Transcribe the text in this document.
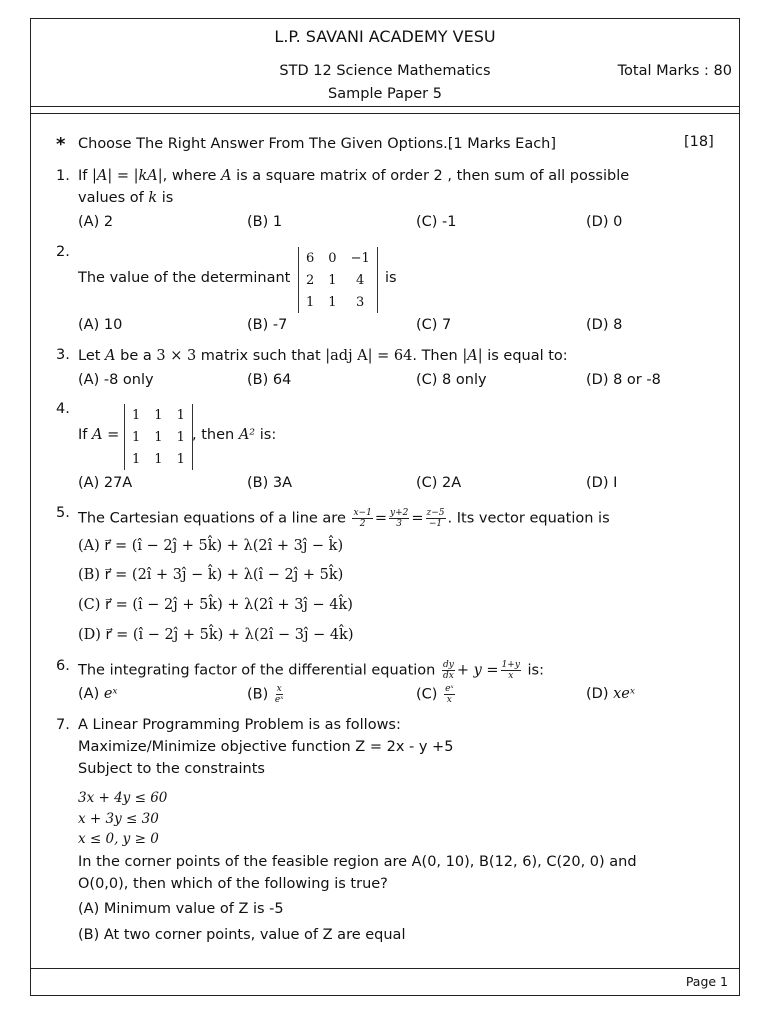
L.P. SAVANI ACADEMY VESU
STD 12 Science Mathematics
Sample Paper 5
Total Marks : 80
* Choose The Right Answer From The Given Options.[1 Marks Each]	[18]
1. If |A| = |kA|, where A is a square matrix of order 2 , then sum of all possible
values of k is
(A) 2	(B) 1	(C) -1	(D) 0
2.
The value of the determinant
6	0	−1
2	1	4
1	1	3
is
(A) 10	(B) -7	(C) 7	(D) 8
3. Let A be a 3 × 3 matrix such that |adj A| = 64. Then |A| is equal to:
(A) -8 only	(B) 64	(C) 8 only	(D) 8 or -8
4.
If A =
1	1	1
1	1	1
1	1	1
, then A² is:
(A) 27A	(B) 3A	(C) 2A	(D) I
5. The Cartesian equations of a line are $\frac{x-1}{2} = \frac{y+2}{3} = \frac{z-5}{-1}$ . Its vector equation is
(A) r⃗ = (î − 2ĵ + 5k̂) + λ(2î + 3ĵ − k̂)
(B) r⃗ = (2î + 3ĵ − k̂) + λ(î − 2ĵ + 5k̂)
(C) r⃗ = (î − 2ĵ + 5k̂) + λ(2î + 3ĵ − 4k̂)
(D) r⃗ = (î − 2ĵ + 5k̂) + λ(2î − 3ĵ − 4k̂)
6. The integrating factor of the differential equation $\frac{dy}{dx} + y = \frac{1+y}{x}$ is:
(A) eˣ	$(B) \frac{x}{\text{eˣ}}$	$(C) \frac{\text{eˣ}}{x}$	(D) xeˣ
7. A Linear Programming Problem is as follows:
Maximize/Minimize objective function Z = 2x - y +5
Subject to the constraints
3x + 4y ≤ 60
x + 3y ≤ 30
x ≤ 0, y ≥ 0
In the corner points of the feasible region are A(0, 10), B(12, 6), C(20, 0) and
O(0,0), then which of the following is true?
(A) Minimum value of Z is -5
(B) At two corner points, value of Z are equal
Page 1
